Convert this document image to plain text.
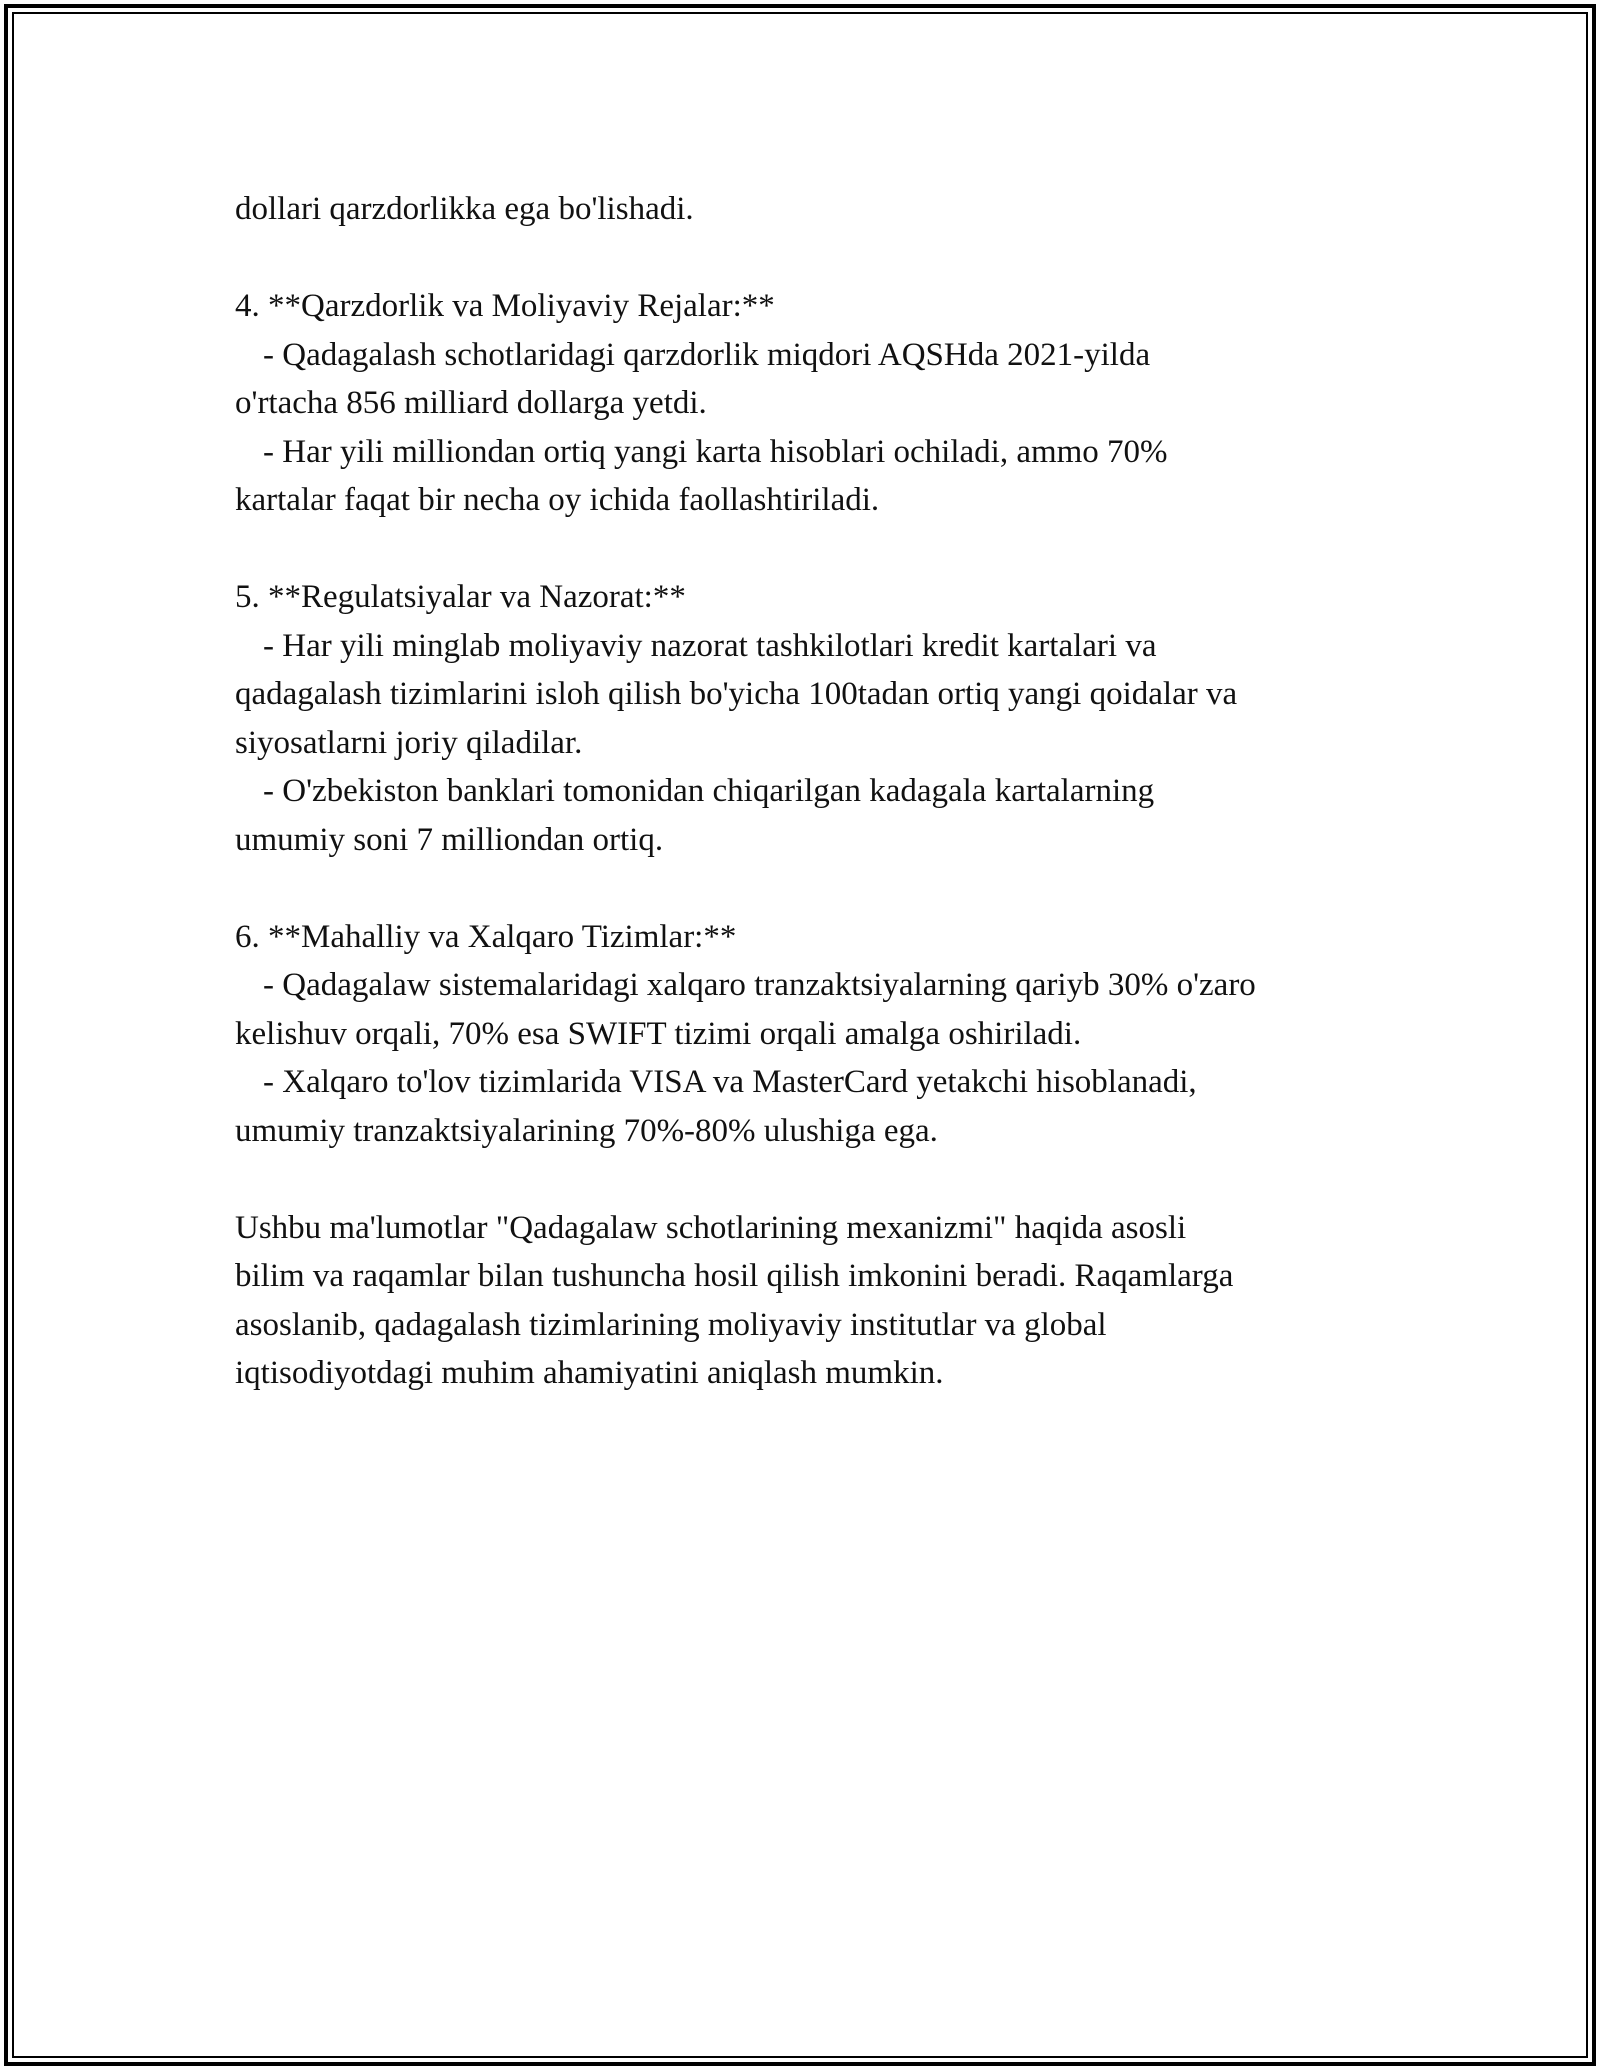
dollari qarzdorlikka ega bo'lishadi.
4. **Qarzdorlik va Moliyaviy Rejalar:**
- Qadagalash schotlaridagi qarzdorlik miqdori AQSHda 2021-yilda
o'rtacha 856 milliard dollarga yetdi.
- Har yili milliondan ortiq yangi karta hisoblari ochiladi, ammo 70%
kartalar faqat bir necha oy ichida faollashtiriladi.
5. **Regulatsiyalar va Nazorat:**
- Har yili minglab moliyaviy nazorat tashkilotlari kredit kartalari va
qadagalash tizimlarini isloh qilish bo'yicha 100tadan ortiq yangi qoidalar va
siyosatlarni joriy qiladilar.
- O'zbekiston banklari tomonidan chiqarilgan kadagala kartalarning
umumiy soni 7 milliondan ortiq.
6. **Mahalliy va Xalqaro Tizimlar:**
- Qadagalaw sistemalaridagi xalqaro tranzaktsiyalarning qariyb 30% o'zaro
kelishuv orqali, 70% esa SWIFT tizimi orqali amalga oshiriladi.
- Xalqaro to'lov tizimlarida VISA va MasterCard yetakchi hisoblanadi,
umumiy tranzaktsiyalarining 70%-80% ulushiga ega.
Ushbu ma'lumotlar "Qadagalaw schotlarining mexanizmi" haqida asosli
bilim va raqamlar bilan tushuncha hosil qilish imkonini beradi. Raqamlarga
asoslanib, qadagalash tizimlarining moliyaviy institutlar va global
iqtisodiyotdagi muhim ahamiyatini aniqlash mumkin.
